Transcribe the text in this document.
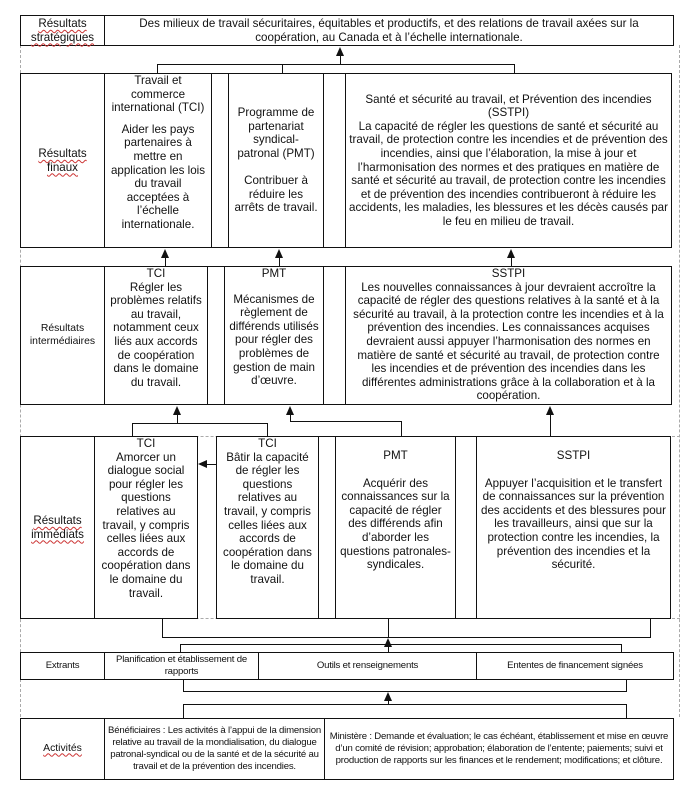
Résultats stratégiques
Des milieux de travail sécuritaires, équitables et productifs, et des relations de travail axées sur la coopération, au Canada et à l’échelle internationale.
Résultats finaux
Travail et commerce international (TCI)
Aider les pays partenaires à mettre en application les lois du travail acceptées à l’échelle internationale.
Programme de partenariat syndical-patronal (PMT)
Contribuer à réduire les arrêts de travail.
Santé et sécurité au travail, et Prévention des incendies (SSTPI)
La capacité de régler les questions de santé et sécurité au travail, de protection contre les incendies et de prévention des incendies, ainsi que l’élaboration, la mise à jour et l’harmonisation des normes et des pratiques en matière de santé et sécurité au travail, de protection contre les incendies et de prévention des incendies contribueront à réduire les accidents, les maladies, les blessures et les décès causés par le feu en milieu de travail.
Résultats intermédiaires
TCI
Régler les problèmes relatifs au travail, notamment ceux liés aux accords de coopération dans le domaine du travail.
PMT
Mécanismes de règlement de différends utilisés pour régler des problèmes de gestion de main d’œuvre.
SSTPI
Les nouvelles connaissances à jour devraient accroître la capacité de régler des questions relatives à la santé et à la sécurité au travail, à la protection contre les incendies et à la prévention des incendies. Les connaissances acquises devraient aussi appuyer l’harmonisation des normes en matière de santé et sécurité au travail, de protection contre les incendies et de prévention des incendies dans les différentes administrations grâce à la collaboration et à la coopération.
Résultats immédiats
TCI
Amorcer un dialogue social pour régler les questions relatives au travail, y compris celles liées aux accords de coopération dans le domaine du travail.
TCI
Bâtir la capacité de régler les questions relatives au travail, y compris celles liées aux accords de coopération dans le domaine du travail.
PMT
Acquérir des connaissances sur la capacité de régler des différends afin d’aborder les questions patronales-syndicales.
SSTPI
Appuyer l’acquisition et le transfert de connaissances sur la prévention des accidents et des blessures pour les travailleurs, ainsi que sur la protection contre les incendies, la prévention des incendies et la sécurité.
Extrants
Planification et établissement de rapports
Outils et renseignements	Ententes de financement signées
Activités
Bénéficiaires : Les activités à l’appui de la dimension relative au travail de la mondialisation, du dialogue patronal-syndical ou de la santé et de la sécurité au travail et de la prévention des incendies.
Ministère : Demande et évaluation; le cas échéant, établissement et mise en œuvre d’un comité de révision; approbation; élaboration de l’entente; paiements; suivi et production de rapports sur les finances et le rendement; modifications; et clôture.
